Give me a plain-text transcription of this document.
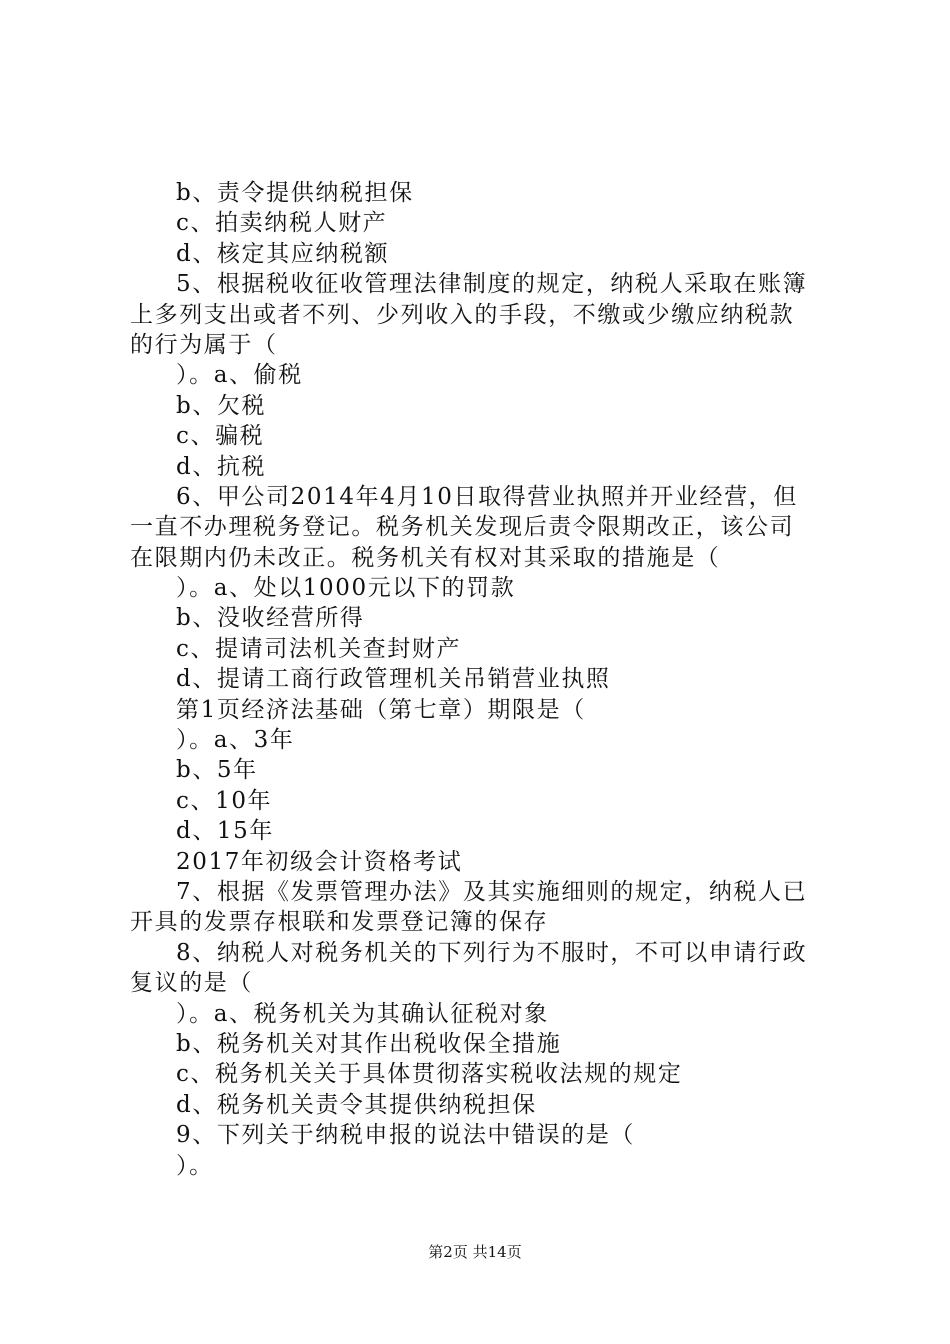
b、责令提供纳税担保
c、拍卖纳税人财产
d、核定其应纳税额
5、根据税收征收管理法律制度的规定，纳税人采取在账簿
上多列支出或者不列、少列收入的手段，不缴或少缴应纳税款
的行为属于（
）。a、偷税
b、欠税
c、骗税
d、抗税
6、甲公司2014年4月10日取得营业执照并开业经营，但
一直不办理税务登记。税务机关发现后责令限期改正，该公司
在限期内仍未改正。税务机关有权对其采取的措施是（
）。a、处以1000元以下的罚款
b、没收经营所得
c、提请司法机关查封财产
d、提请工商行政管理机关吊销营业执照
第1页经济法基础（第七章）期限是（
）。a、3年
b、5年
c、10年
d、15年
2017年初级会计资格考试
7、根据《发票管理办法》及其实施细则的规定，纳税人已
开具的发票存根联和发票登记簿的保存
8、纳税人对税务机关的下列行为不服时，不可以申请行政
复议的是（
）。a、税务机关为其确认征税对象
b、税务机关对其作出税收保全措施
c、税务机关关于具体贯彻落实税收法规的规定
d、税务机关责令其提供纳税担保
9、下列关于纳税申报的说法中错误的是（
）。
第2页 共14页
